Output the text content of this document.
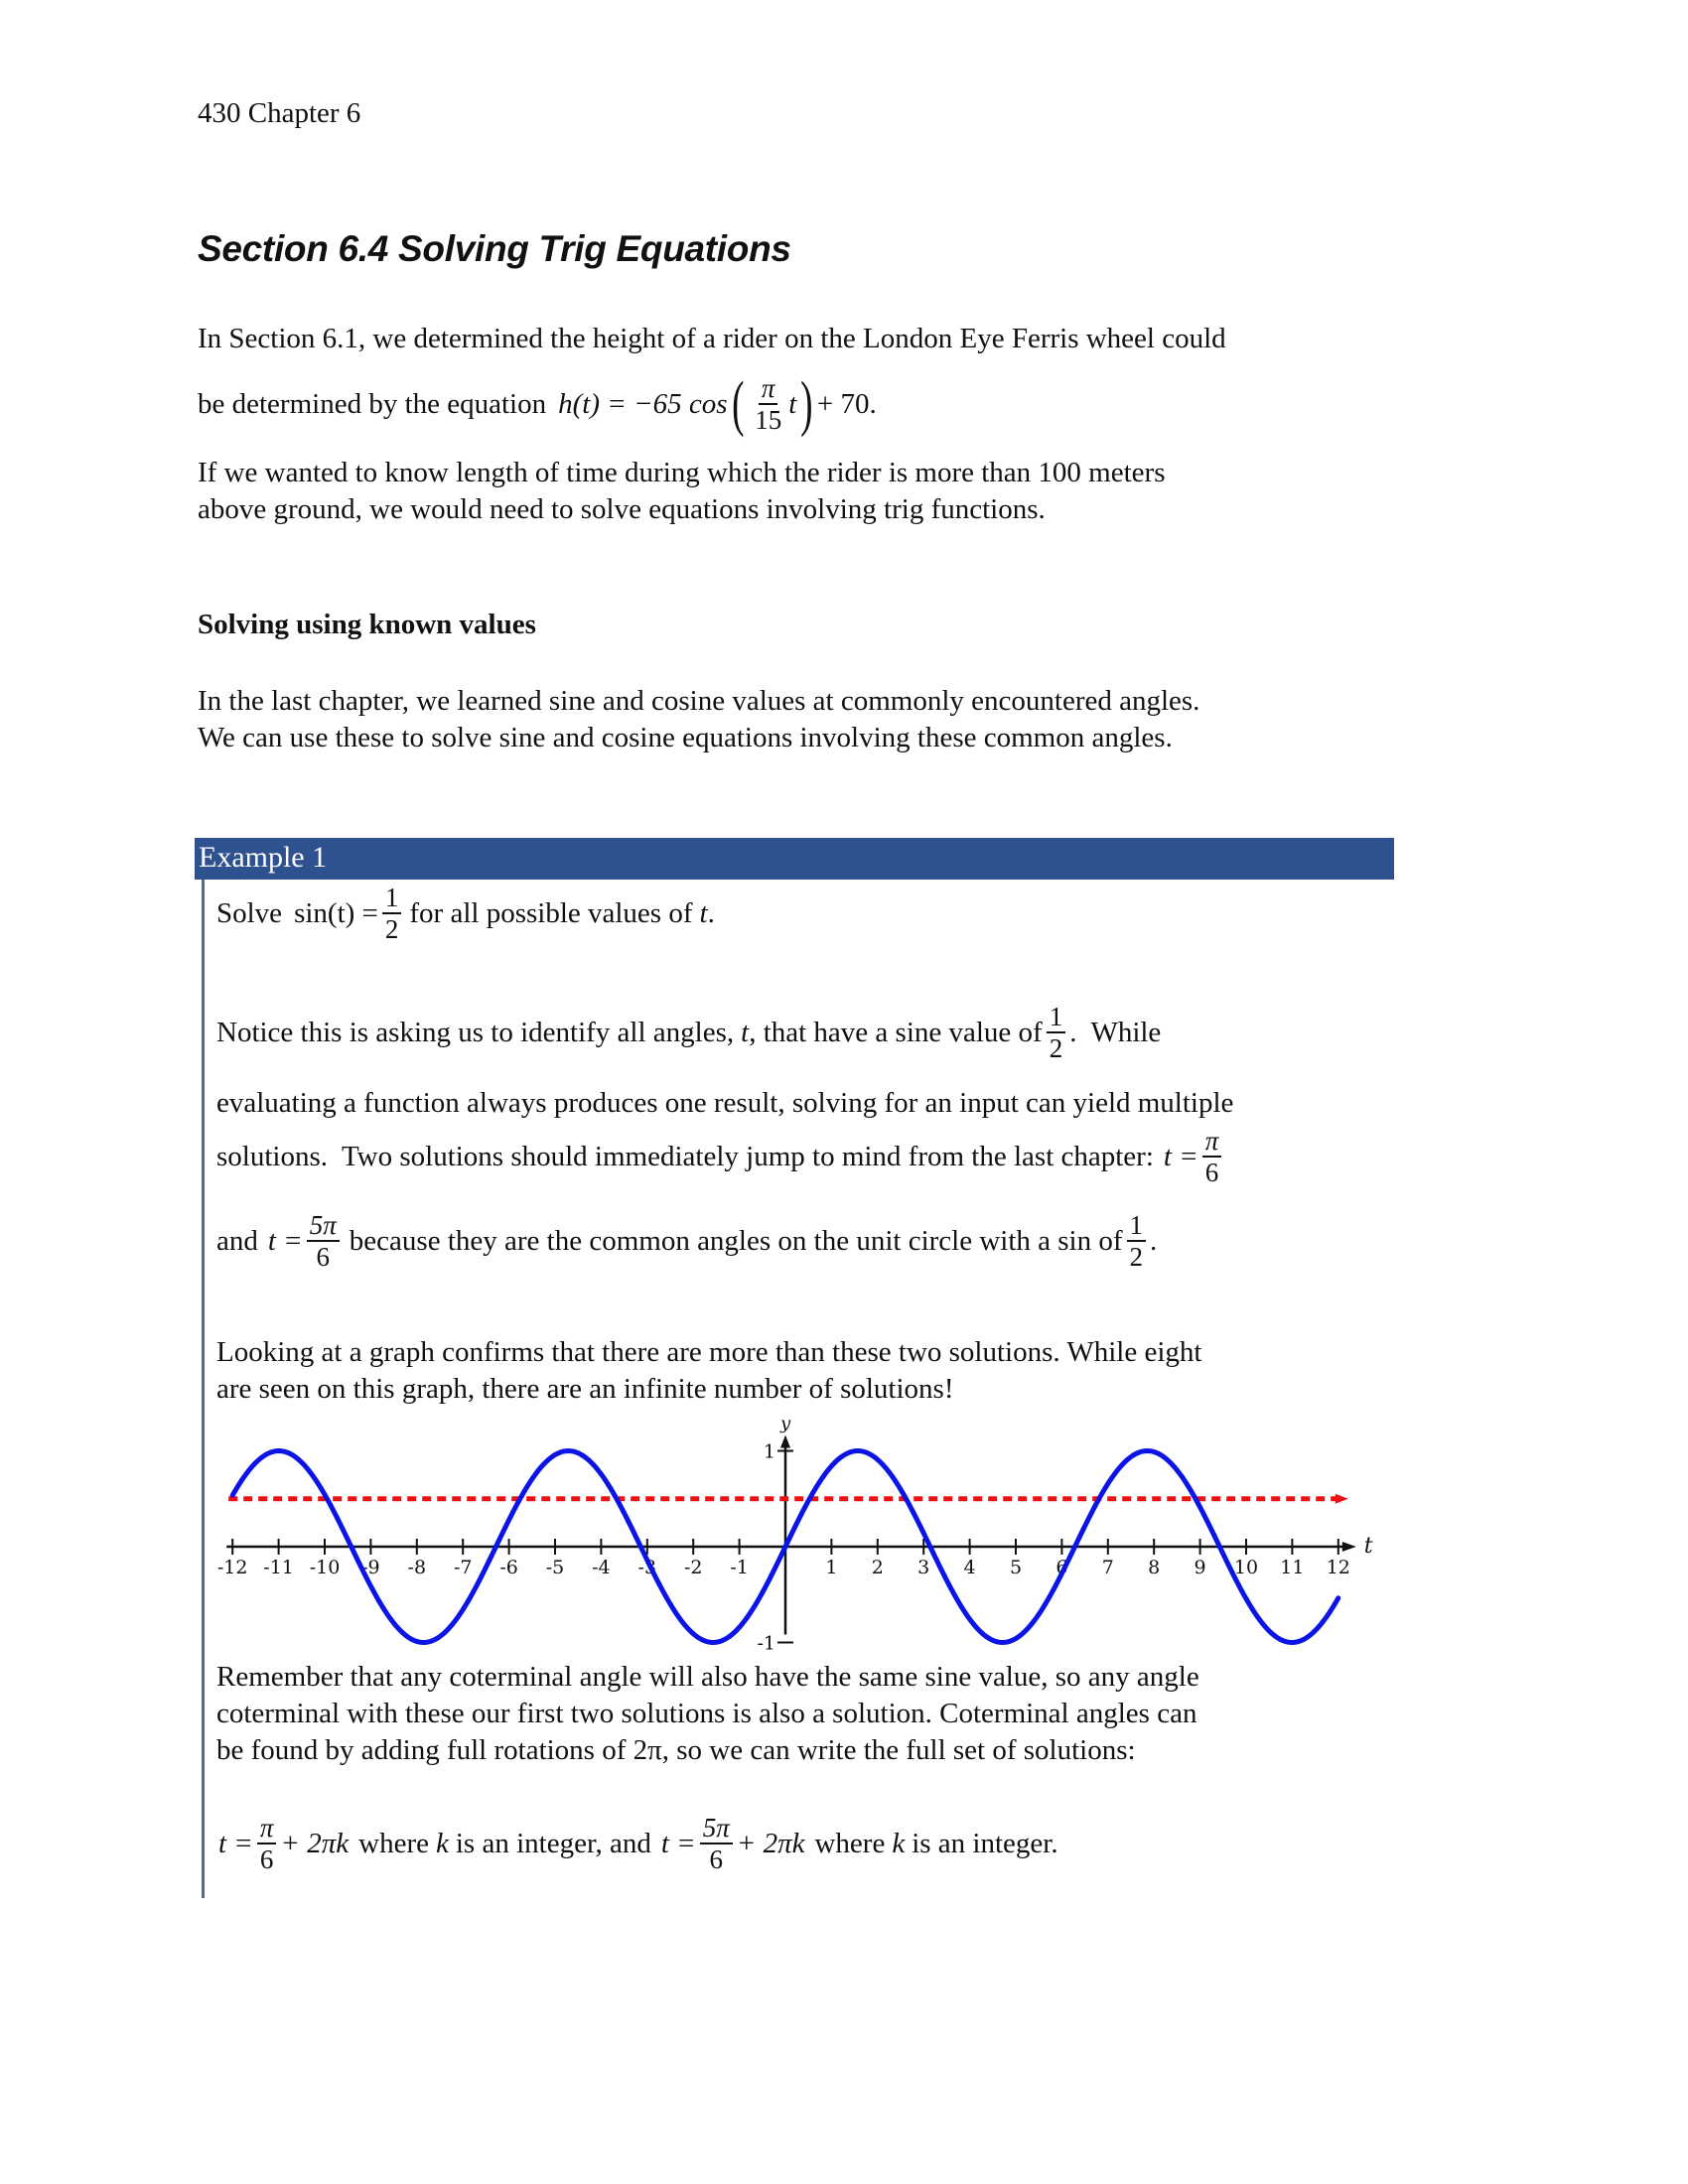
430 Chapter 6
Section 6.4 Solving Trig Equations
In Section 6.1, we determined the height of a rider on the London Eye Ferris wheel could
be determined by the equation h(t) = −65 cos ( $\frac{\pi}{15}$ t ) + 70 .
If we wanted to know length of time during which the rider is more than 100 meters
above ground, we would need to solve equations involving trig functions.
Solving using known values
In the last chapter, we learned sine and cosine values at commonly encountered angles.
We can use these to solve sine and cosine equations involving these common angles.
Example 1
Solve $\sin(t) = \frac{1}{2}$ for all possible values of t .
Notice this is asking us to identify all angles, t , that have a sine value of $\frac{1}{2}$ .  While
evaluating a function always produces one result, solving for an input can yield multiple
solutions.  Two solutions should immediately jump to mind from the last chapter: $t = \frac{\pi}{6}$
and $t = \frac{5\pi}{6}$ because they are the common angles on the unit circle with a sin of $\frac{1}{2}$ .
Looking at a graph confirms that there are more than these two solutions. While eight
are seen on this graph, there are an infinite number of solutions!
t
y
-12 -11 -10 -9 -8 -7 -6 -5 -4 -3 -2 -1	1 2 3 4 5 6 7 8 9 10 11 12
1
-1
Remember that any coterminal angle will also have the same sine value, so any angle
coterminal with these our first two solutions is also a solution. Coterminal angles can
be found by adding full rotations of 2π, so we can write the full set of solutions:
$t = \frac{\pi}{6} + 2\pi k$ where k is an integer, and $t = \frac{5\pi}{6} + 2\pi k$ where k is an integer.
